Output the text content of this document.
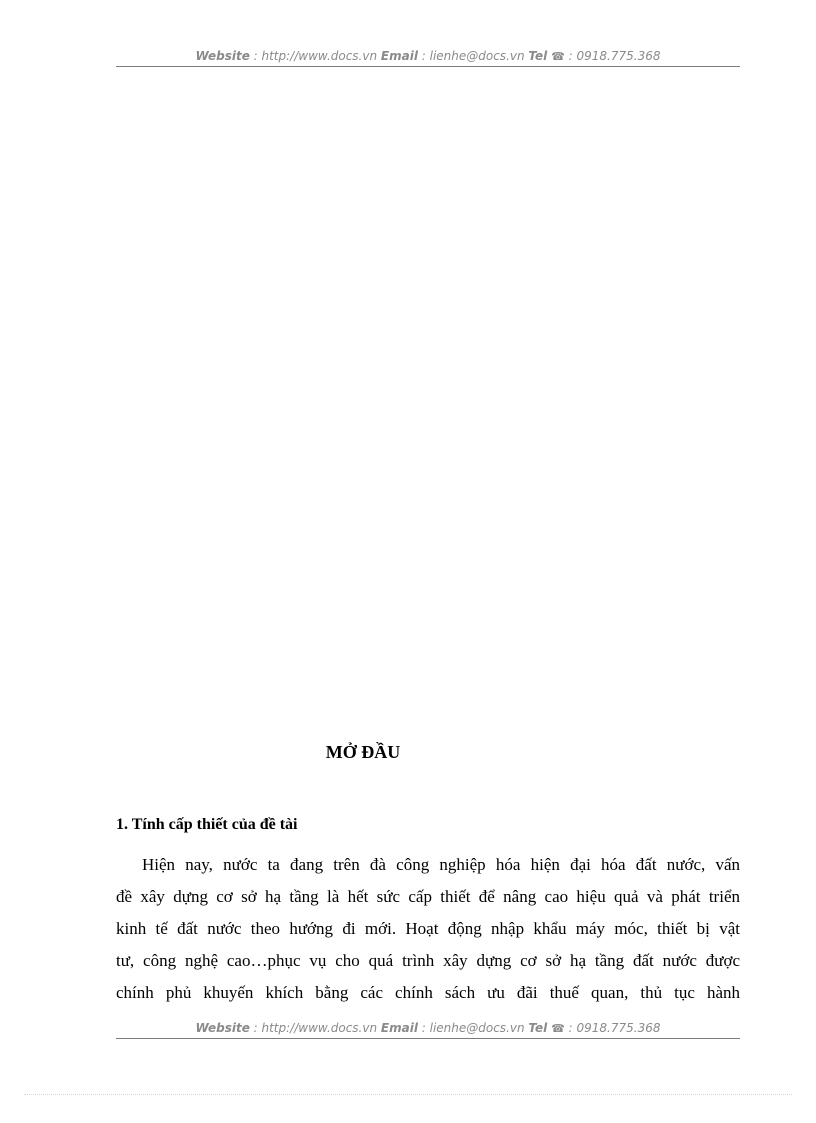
Website : http://www.docs.vn Email : lienhe@docs.vn Tel ☎ : 0918.775.368
MỞ ĐẦU
1. Tính cấp thiết của đề tài
Hiện nay, nước ta đang trên đà công nghiệp hóa hiện đại hóa đất nước, vấn
đề xây dựng cơ sở hạ tầng là hết sức cấp thiết để nâng cao hiệu quả và phát triển
kinh tế đất nước theo hướng đi mới. Hoạt động nhập khẩu máy móc, thiết bị vật
tư, công nghệ cao…phục vụ cho quá trình xây dựng cơ sở hạ tầng đất nước được
chính phủ khuyến khích bằng các chính sách ưu đãi thuế quan, thủ tục hành
Website : http://www.docs.vn Email : lienhe@docs.vn Tel ☎ : 0918.775.368
